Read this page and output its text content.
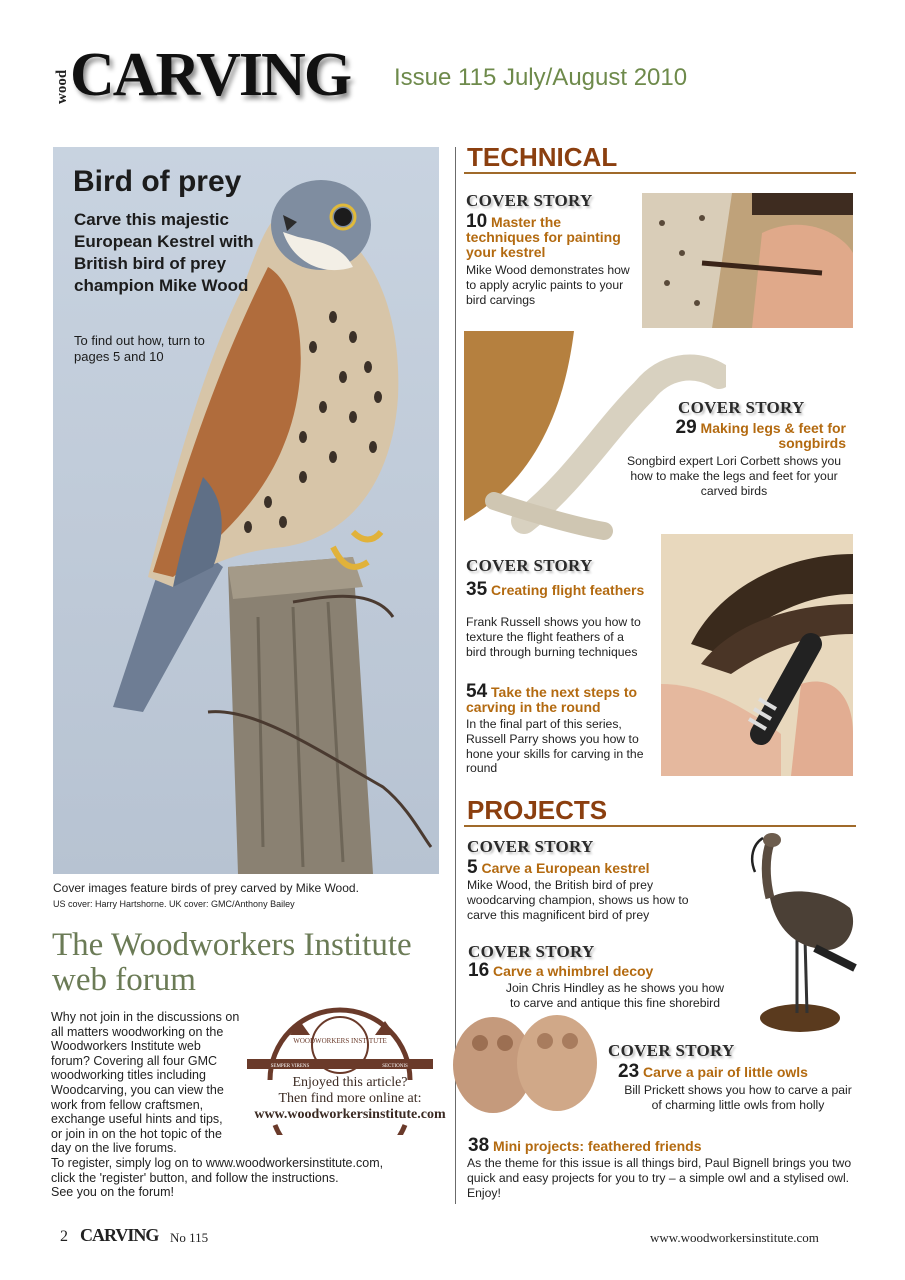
wood CARVING Issue 115 July/August 2010
Bird of prey
Carve this majestic European Kestrel with British bird of prey champion Mike Wood
To find out how, turn to pages 5 and 10
Cover images feature birds of prey carved by Mike Wood.
US cover: Harry Hartshorne. UK cover: GMC/Anthony Bailey
The Woodworkers Institute web forum
Why not join in the discussions on
all matters woodworking on the
Woodworkers Institute web
forum? Covering all four GMC
woodworking titles including
Woodcarving, you can view the
work from fellow craftsmen,
exchange useful hints and tips,
or join in on the hot topic of the
day on the live forums.
To register, simply log on to www.woodworkersinstitute.com,
click the 'register' button, and follow the instructions.
See you on the forum!
WOODWORKERS INSTITUTE
SEMPER VIRENS	SECTIONIS
Enjoyed this article?
Then find more online at:
www.woodworkersinstitute.com
2 CARVING No 115	www.woodworkersinstitute.com
TECHNICAL
COVER STORY
10 Master the techniques for painting your kestrel
Mike Wood demonstrates how to apply acrylic paints to your bird carvings
COVER STORY
29 Making legs & feet for songbirds
Songbird expert Lori Corbett shows you how to make the legs and feet for your carved birds
COVER STORY
35 Creating flight feathers
Frank Russell shows you how to texture the flight feathers of a bird through burning techniques
54 Take the next steps to carving in the round
In the final part of this series, Russell Parry shows you how to hone your skills for carving in the round
PROJECTS
COVER STORY
5 Carve a European kestrel
Mike Wood, the British bird of prey woodcarving champion, shows us how to carve this magnificent bird of prey
COVER STORY
16 Carve a whimbrel decoy
Join Chris Hindley as he shows you how to carve and antique this fine shorebird
COVER STORY
23 Carve a pair of little owls
Bill Prickett shows you how to carve a pair of charming little owls from holly
38 Mini projects: feathered friends
As the theme for this issue is all things bird, Paul Bignell brings you two quick and easy projects for you to try – a simple owl and a stylised owl. Enjoy!
